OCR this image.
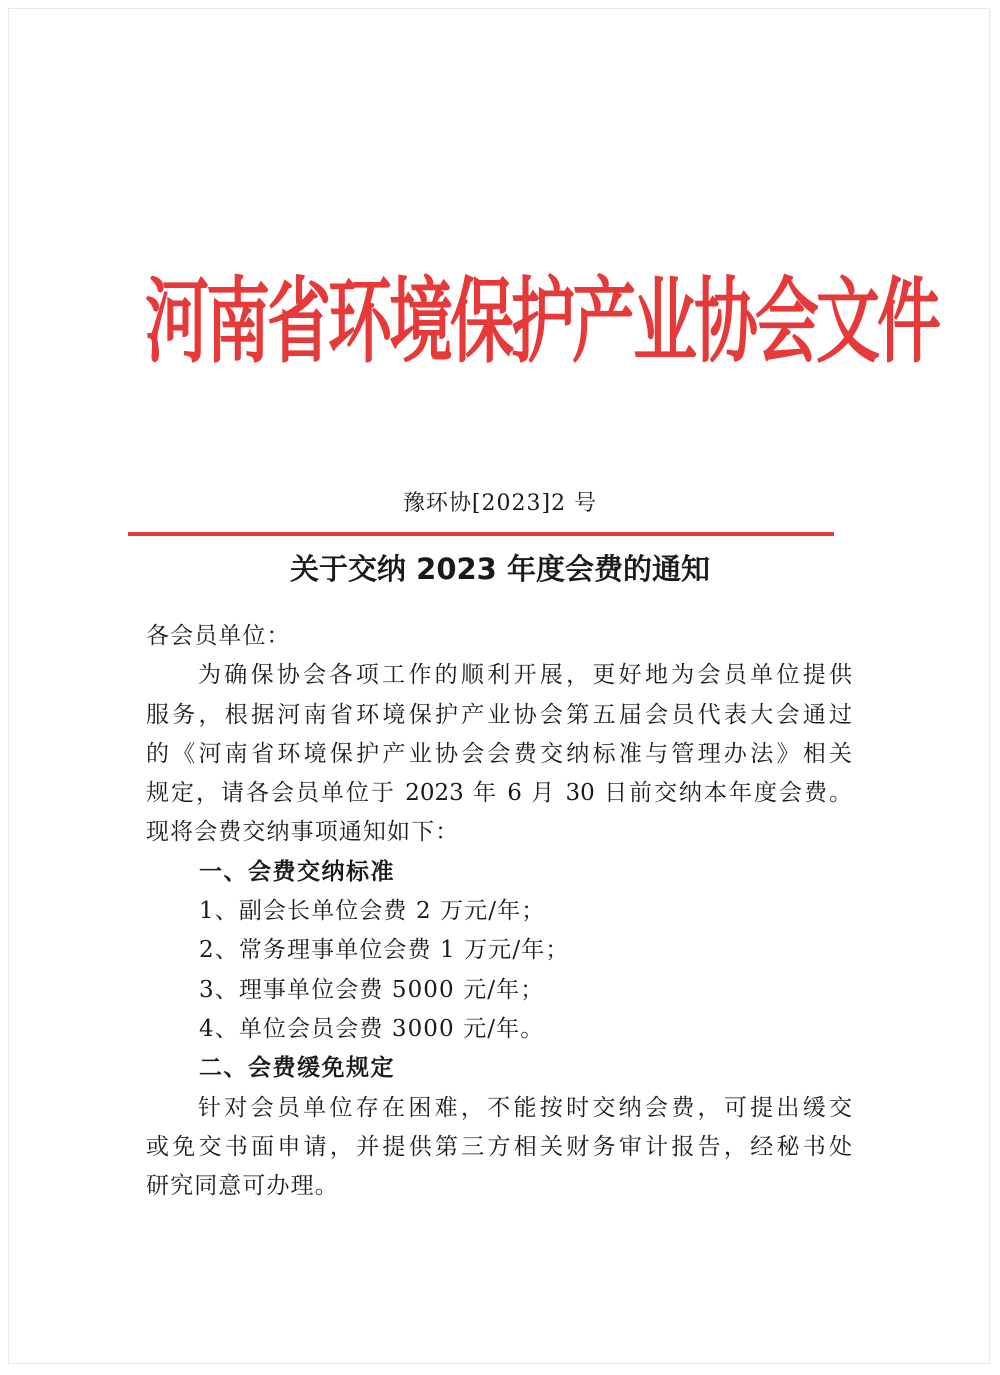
河南省环境保护产业协会文件
豫环协[2023]2 号
关于交纳 2023 年度会费的通知
各会员单位：
为确保协会各项工作的顺利开展，更好地为会员单位提供
服务，根据河南省环境保护产业协会第五届会员代表大会通过
的《河南省环境保护产业协会会费交纳标准与管理办法》相关
规定，请各会员单位于 2023 年 6 月 30 日前交纳本年度会费。
现将会费交纳事项通知如下：
一、会费交纳标准
1、副会长单位会费 2 万元/年；
2、常务理事单位会费 1 万元/年；
3、理事单位会费 5000 元/年；
4、单位会员会费 3000 元/年。
二、会费缓免规定
针对会员单位存在困难，不能按时交纳会费，可提出缓交
或免交书面申请，并提供第三方相关财务审计报告，经秘书处
研究同意可办理。
